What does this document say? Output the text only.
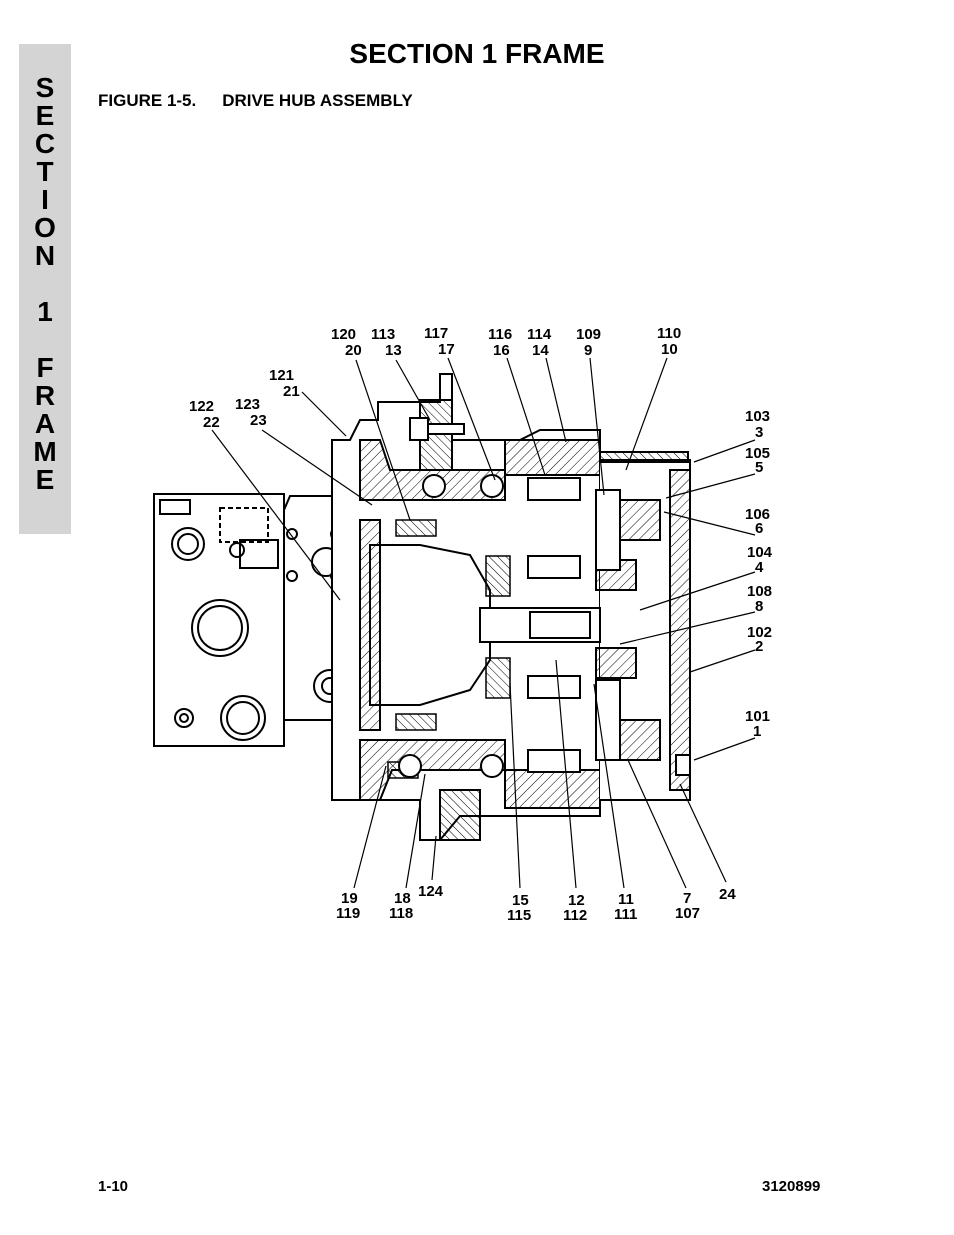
S
E
C
T
I
O
N
1
F
R
A
M
E
SECTION 1 FRAME
FIGURE 1-5. DRIVE HUB ASSEMBLY
120
20
113
13
117
17
116
16
114
14
109
9
110
10
121
21
122
22
123
23	103
3
105
5
106
6
104
4
108
8
102
2
101
1
19
119
18
118
124
15
115
12
112
11
111
7
107
24
1-10	3120899
